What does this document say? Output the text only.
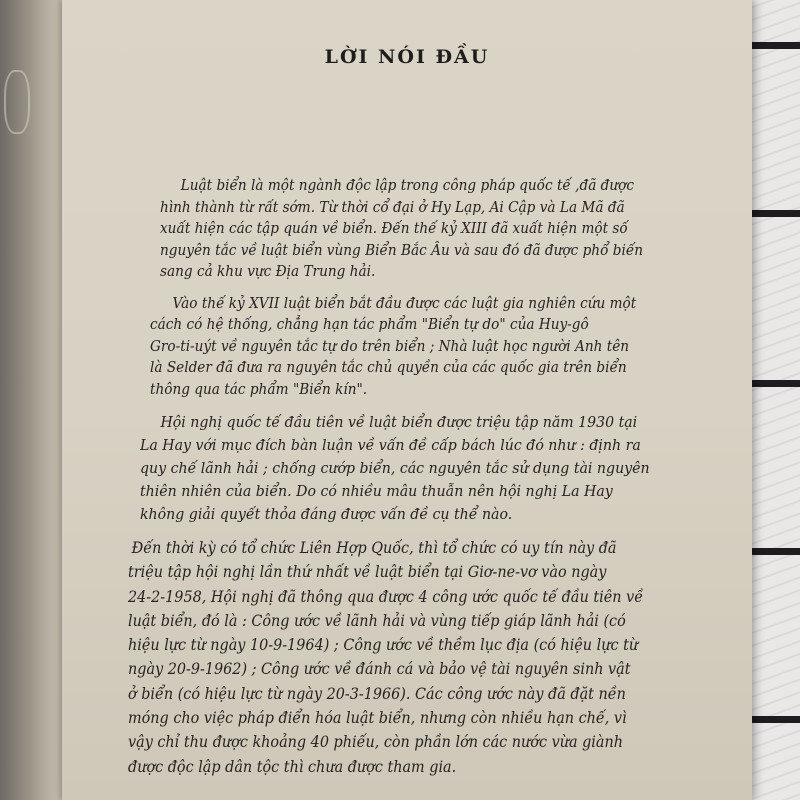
LỜI NÓI ĐẦU
Luật biển là một ngành độc lập trong công pháp quốc tế ,đã được
hình thành từ rất sớm. Từ thời cổ đại ở Hy Lạp, Ai Cập và La Mã đã
xuất hiện các tập quán về biển. Đến thế kỷ XIII đã xuất hiện một số
nguyên tắc về luật biển vùng Biển Bắc Âu và sau đó đã được phổ biến
sang cả khu vực Địa Trung hải.
Vào thế kỷ XVII luật biển bắt đầu được các luật gia nghiên cứu một
cách có hệ thống, chẳng hạn tác phẩm "Biển tự do" của Huy-gô
Gro-ti-uýt về nguyên tắc tự do trên biển ; Nhà luật học người Anh tên
là Selder đã đưa ra nguyên tắc chủ quyền của các quốc gia trên biển
thông qua tác phẩm "Biển kín".
Hội nghị quốc tế đầu tiên về luật biển được triệu tập năm 1930 tại
La Hay với mục đích bàn luận về vấn đề cấp bách lúc đó như : định ra
quy chế lãnh hải ; chống cướp biển, các nguyên tắc sử dụng tài nguyên
thiên nhiên của biển. Do có nhiều mâu thuẫn nên hội nghị La Hay
không giải quyết thỏa đáng được vấn đề cụ thể nào.
Đến thời kỳ có tổ chức Liên Hợp Quốc, thì tổ chức có uy tín này đã
triệu tập hội nghị lần thứ nhất về luật biển tại Giơ-ne-vơ vào ngày
24-2-1958, Hội nghị đã thông qua được 4 công ước quốc tế đầu tiên về
luật biển, đó là : Công ước về lãnh hải và vùng tiếp giáp lãnh hải (có
hiệu lực từ ngày 10-9-1964) ; Công ước về thềm lục địa (có hiệu lực từ
ngày 20-9-1962) ; Công ước về đánh cá và bảo vệ tài nguyên sinh vật
ở biển (có hiệu lực từ ngày 20-3-1966). Các công ước này đã đặt nền
móng cho việc pháp điển hóa luật biển, nhưng còn nhiều hạn chế, vì
vậy chỉ thu được khoảng 40 phiếu, còn phần lớn các nước vừa giành
được độc lập dân tộc thì chưa được tham gia.
